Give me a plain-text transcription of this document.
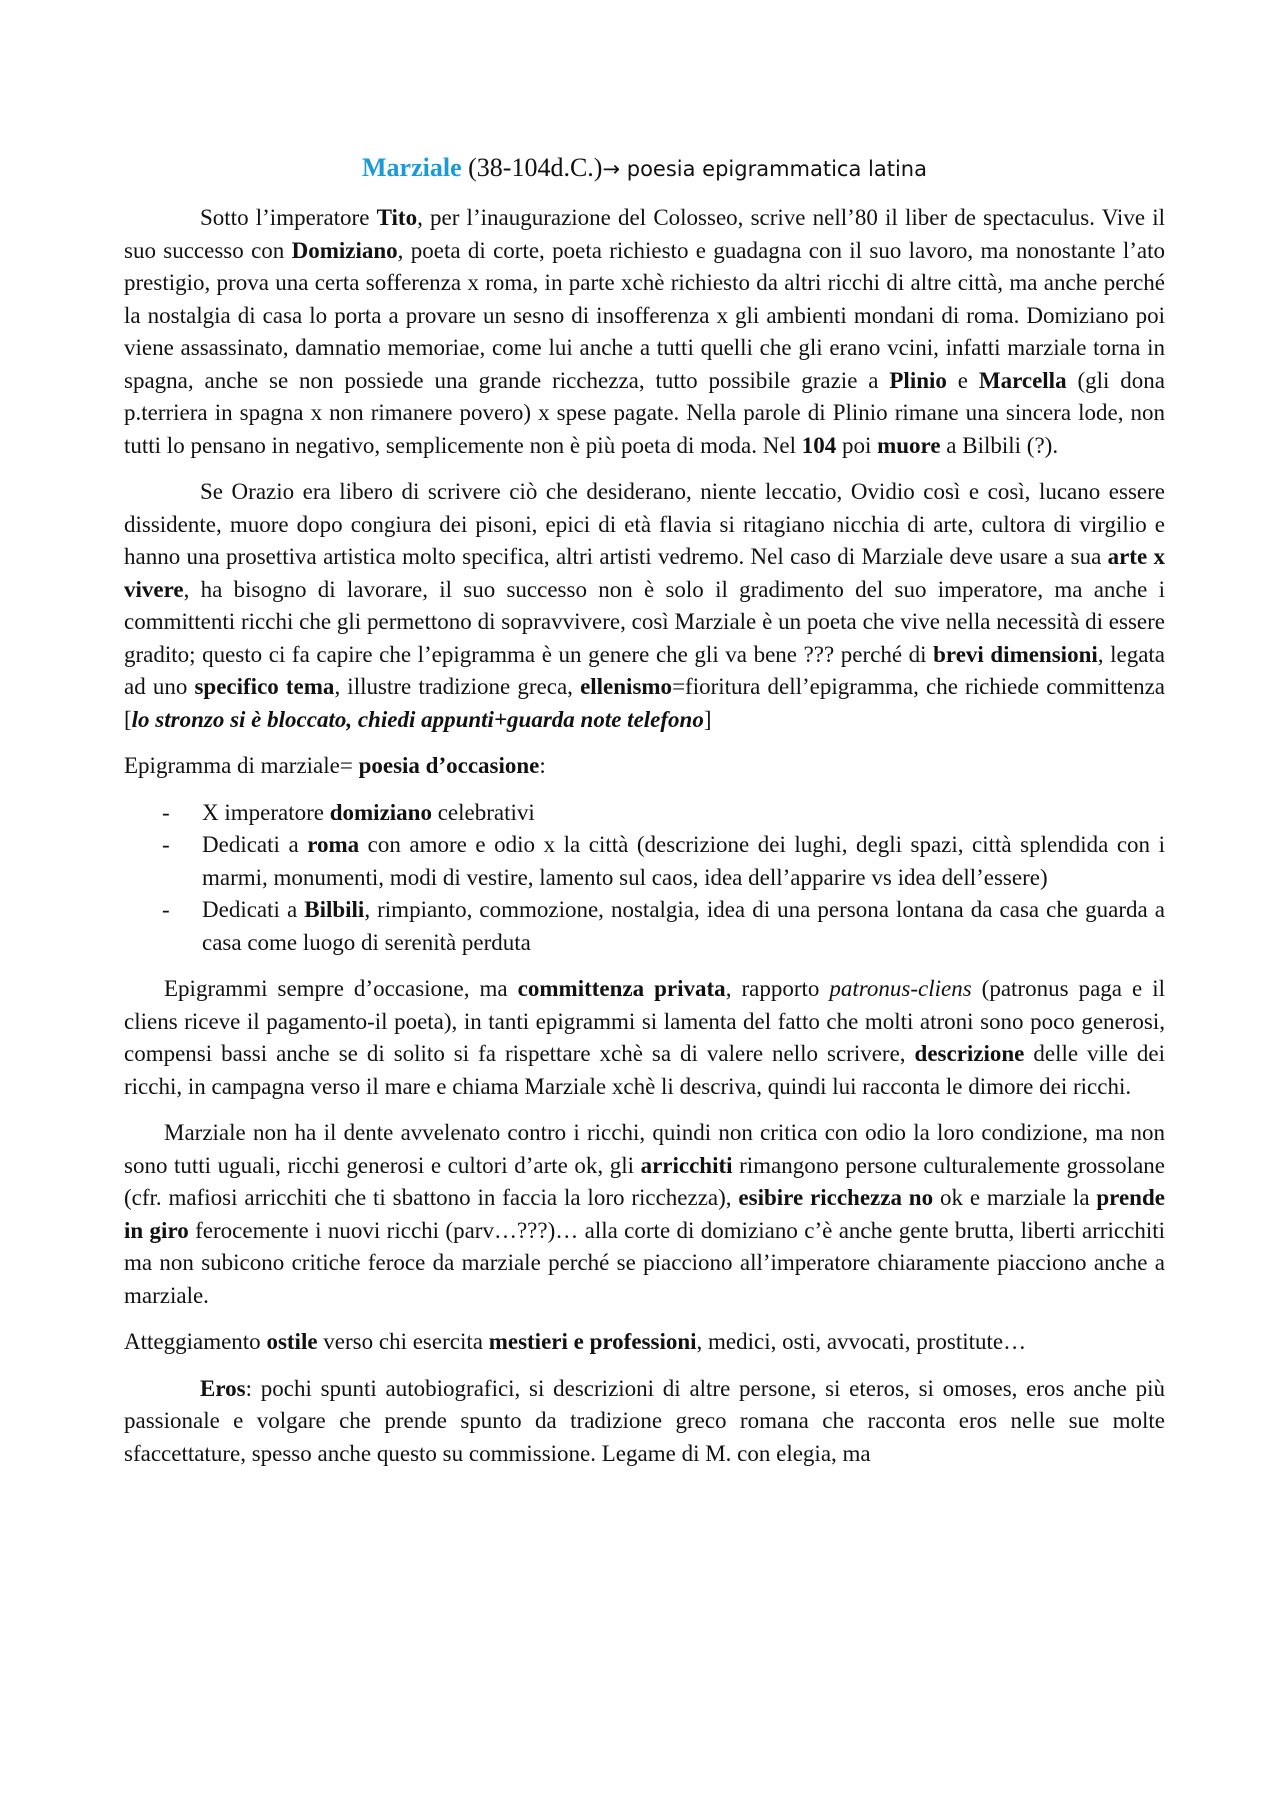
Marziale (38-104d.C.)→ poesia epigrammatica latina

Sotto l’imperatore Tito, per l’inaugurazione del Colosseo, scrive nell’80 il liber de spectaculus. Vive il suo successo con Domiziano, poeta di corte, poeta richiesto e guadagna con il suo lavoro, ma nonostante l’ato prestigio, prova una certa sofferenza x roma, in parte xchè richiesto da altri ricchi di altre città, ma anche perché la nostalgia di casa lo porta a provare un sesno di insofferenza x gli ambienti mondani di roma. Domiziano poi viene assassinato, damnatio memoriae, come lui anche a tutti quelli che gli erano vcini, infatti marziale torna in spagna, anche se non possiede una grande ricchezza, tutto possibile grazie a Plinio e Marcella (gli dona p.terriera in spagna x non rimanere povero) x spese pagate. Nella parole di Plinio rimane una sincera lode, non tutti lo pensano in negativo, semplicemente non è più poeta di moda. Nel 104 poi muore a Bilbili (?).

Se Orazio era libero di scrivere ciò che desiderano, niente leccatio, Ovidio così e così, lucano essere dissidente, muore dopo congiura dei pisoni, epici di età flavia si ritagiano nicchia di arte, cultora di virgilio e hanno una prosettiva artistica molto specifica, altri artisti vedremo. Nel caso di Marziale deve usare a sua arte x vivere, ha bisogno di lavorare, il suo successo non è solo il gradimento del suo imperatore, ma anche i committenti ricchi che gli permettono di sopravvivere, così Marziale è un poeta che vive nella necessità di essere gradito; questo ci fa capire che l’epigramma è un genere che gli va bene ??? perché di brevi dimensioni, legata ad uno specifico tema, illustre tradizione greca, ellenismo=fioritura dell’epigramma, che richiede committenza [lo stronzo si è bloccato, chiedi appunti+guarda note telefono]

Epigramma di marziale= poesia d’occasione:

- X imperatore domiziano celebrativi
- Dedicati a roma con amore e odio x la città (descrizione dei lughi, degli spazi, città splendida con i marmi, monumenti, modi di vestire, lamento sul caos, idea dell’apparire vs idea dell’essere)
- Dedicati a Bilbili, rimpianto, commozione, nostalgia, idea di una persona lontana da casa che guarda a casa come luogo di serenità perduta

Epigrammi sempre d’occasione, ma committenza privata, rapporto patronus-cliens (patronus paga e il cliens riceve il pagamento-il poeta), in tanti epigrammi si lamenta del fatto che molti atroni sono poco generosi, compensi bassi anche se di solito si fa rispettare xchè sa di valere nello scrivere, descrizione delle ville dei ricchi, in campagna verso il mare e chiama Marziale xchè li descriva, quindi lui racconta le dimore dei ricchi.

Marziale non ha il dente avvelenato contro i ricchi, quindi non critica con odio la loro condizione, ma non sono tutti uguali, ricchi generosi e cultori d’arte ok, gli arricchiti rimangono persone culturalemente grossolane (cfr. mafiosi arricchiti che ti sbattono in faccia la loro ricchezza), esibire ricchezza no ok e marziale la prende in giro ferocemente i nuovi ricchi (parv…???)… alla corte di domiziano c’è anche gente brutta, liberti arricchiti ma non subicono critiche feroce da marziale perché se piacciono all’imperatore chiaramente piacciono anche a marziale.

Atteggiamento ostile verso chi esercita mestieri e professioni, medici, osti, avvocati, prostitute…

Eros: pochi spunti autobiografici, si descrizioni di altre persone, si eteros, si omoses, eros anche più passionale e volgare che prende spunto da tradizione greco romana che racconta eros nelle sue molte sfaccettature, spesso anche questo su commissione. Legame di M. con elegia, ma
